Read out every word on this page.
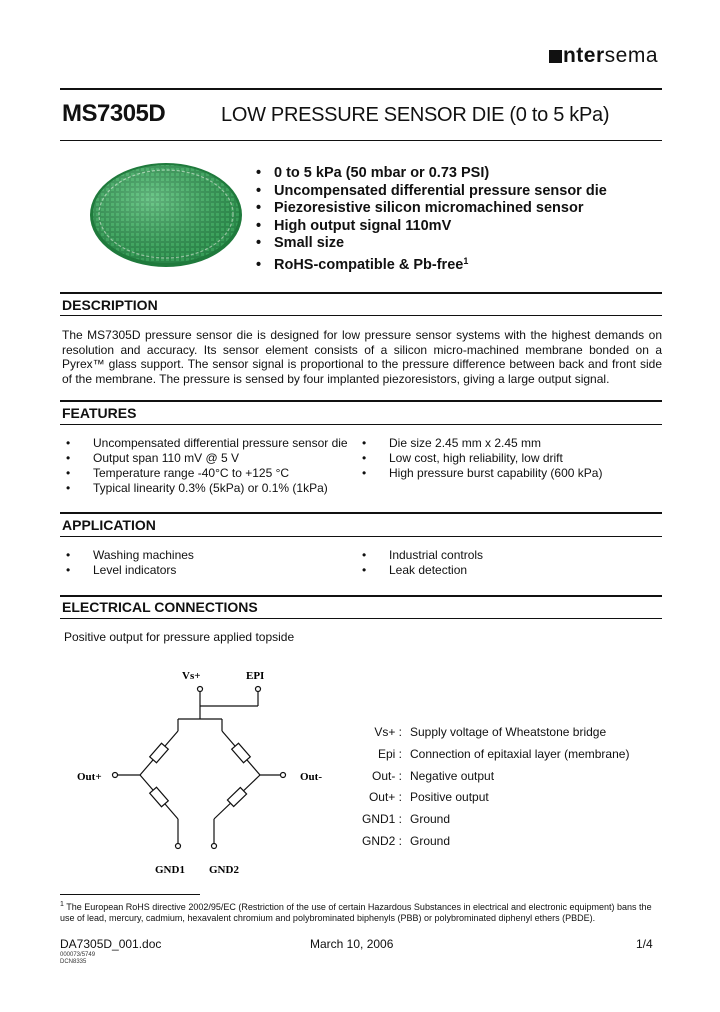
ntersema
MS7305D	LOW PRESSURE SENSOR DIE (0 to 5 kPa)
• 0 to 5 kPa (50 mbar or 0.73 PSI)
• Uncompensated differential pressure sensor die
• Piezoresistive silicon micromachined sensor
• High output signal 110mV
• Small size
• RoHS-compatible & Pb-free$^1$
DESCRIPTION

The MS7305D pressure sensor die is designed for low pressure sensor systems with the highest demands on resolution and accuracy. Its sensor element consists of a silicon micro-machined membrane bonded on a Pyrex™ glass support. The sensor signal is proportional to the pressure difference between back and front side of the membrane. The pressure is sensed by four implanted piezoresistors, giving a large output signal.

FEATURES
• Uncompensated differential pressure sensor die
• Output span 110 mV @ 5 V
• Temperature range -40°C to +125 °C
• Typical linearity 0.3% (5kPa) or 0.1% (1kPa)
• Die size 2.45 mm x 2.45 mm
• Low cost, high reliability, low drift
• High pressure burst capability (600 kPa)
APPLICATION
• Washing machines
• Level indicators
• Industrial controls
• Leak detection
ELECTRICAL CONNECTIONS
Positive output for pressure applied topside
Vs+	EPI
Out+	Out-
GND1 GND2
Vs+ : Supply voltage of Wheatstone bridge
Epi : Connection of epitaxial layer (membrane)
Out- : Negative output
Out+ : Positive output
GND1 : Ground
GND2 : Ground

$^1$ The European RoHS directive 2002/95/EC (Restriction of the use of certain Hazardous Substances in electrical and electronic equipment) bans the use of lead, mercury, cadmium, hexavalent chromium and polybrominated biphenyls (PBB) or polybrominated diphenyl ethers (PBDE).

DA7305D_001.doc	March 10, 2006	1/4
000073/5749
DCN8335
